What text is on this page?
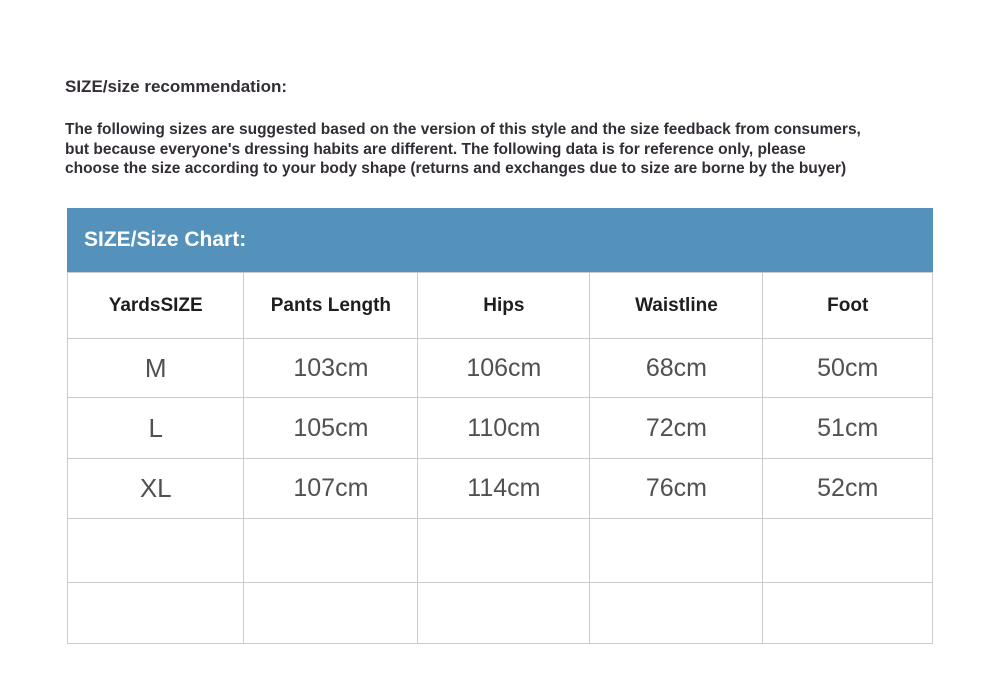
SIZE/size recommendation:
The following sizes are suggested based on the version of this style and the size feedback from consumers,
but because everyone's dressing habits are different. The following data is for reference only, please
choose the size according to your body shape (returns and exchanges due to size are borne by the buyer)
SIZE/Size Chart:
YardsSIZE	Pants Length	Hips	Waistline	Foot
M	103cm	106cm	68cm	50cm
L	105cm	110cm	72cm	51cm
XL	107cm	114cm	76cm	52cm
